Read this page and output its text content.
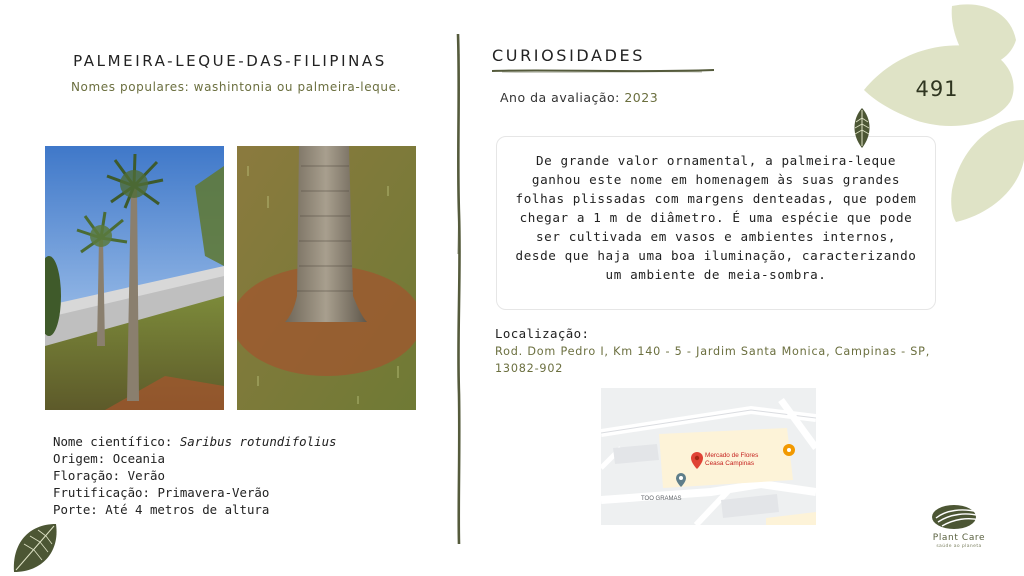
PALMEIRA-LEQUE-DAS-FILIPINAS
Nomes populares: washintonia ou palmeira-leque.
Nome científico: Saribus rotundifolius
Origem: Oceania
Floração: Verão
Frutificação: Primavera-Verão
Porte: Até 4 metros de altura
CURIOSIDADES
Ano da avaliação: 2023
De grande valor ornamental, a palmeira-leque ganhou este nome em homenagem às suas grandes folhas plissadas com margens denteadas, que podem chegar a 1 m de diâmetro. É uma espécie que pode ser cultivada em vasos e ambientes internos, desde que haja uma boa iluminação, caracterizando um ambiente de meia-sombra.
Localização:
Rod. Dom Pedro I, Km 140 - 5 - Jardim Santa Monica, Campinas - SP, 13082-902
Mercado de Flores
Ceasa Campinas
TOO GRAMAS
491
Plant Care
saúde ao planeta
